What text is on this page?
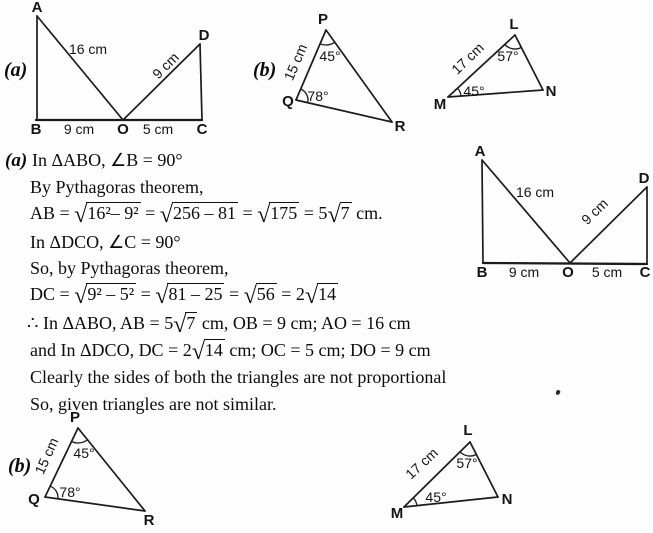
(a)
A
B	O	C
D
16 cm
9 cm
9 cm	5 cm
(b)
P
Q
R
15 cm 45°
78°
L
M
N
17 cm 57°
45°
A
B	O	C
D
16 cm
9 cm
9 cm	5 cm
(a) In ΔABO, ∠B = 90°
By Pythagoras theorem,
AB = √16²– 9² = √256 – 81 = √175 = 5√7 cm.
In ΔDCO, ∠C = 90°
So, by Pythagoras theorem,
DC = √9² – 5² = √81 – 25 = √56 = 2√14
∴ In ΔABO, AB = 5√7 cm, OB = 9 cm; AO = 16 cm
and In ΔDCO, DC = 2√14 cm; OC = 5 cm; DO = 9 cm
Clearly the sides of both the triangles are not proportional
So, given triangles are not similar.
(b)
P
Q
R
15 cm 45°
78°
L
M
N
17 cm 57°
45°
